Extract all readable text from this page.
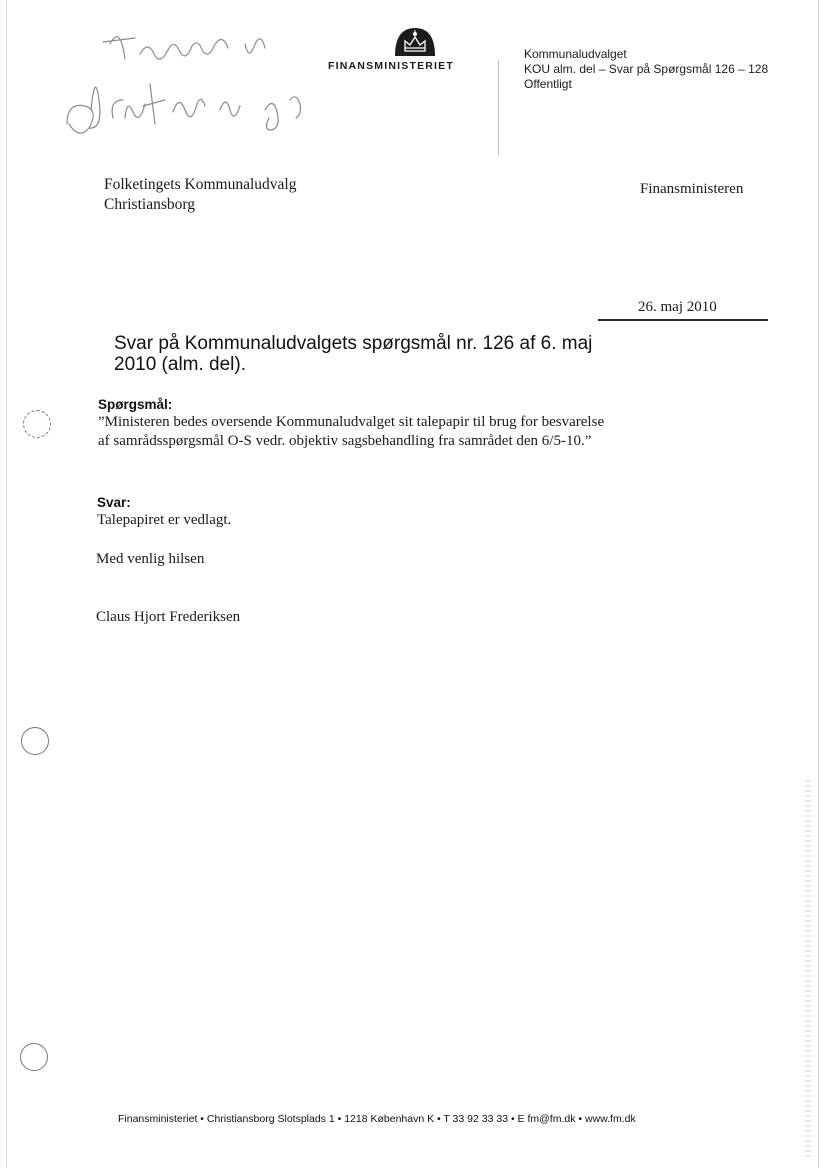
Talepapir objektiv sag
FINANSMINISTERIET
Kommunaludvalget
KOU alm. del – Svar på Spørgsmål 126 – 128
Offentligt
Folketingets Kommunaludvalg
Christiansborg
Finansministeren
26. maj 2010
Svar på Kommunaludvalgets spørgsmål nr. 126 af 6. maj 2010 (alm. del).
Spørgsmål:
”Ministeren bedes oversende Kommunaludvalget sit talepapir til brug for besvarelse af samrådsspørgsmål O-S vedr. objektiv sagsbehandling fra samrådet den 6/5-10.”
Svar:
Talepapiret er vedlagt.
Med venlig hilsen
Claus Hjort Frederiksen
Finansministeriet • Christiansborg Slotsplads 1 • 1218 København K • T 33 92 33 33 • E fm@fm.dk • www.fm.dk
